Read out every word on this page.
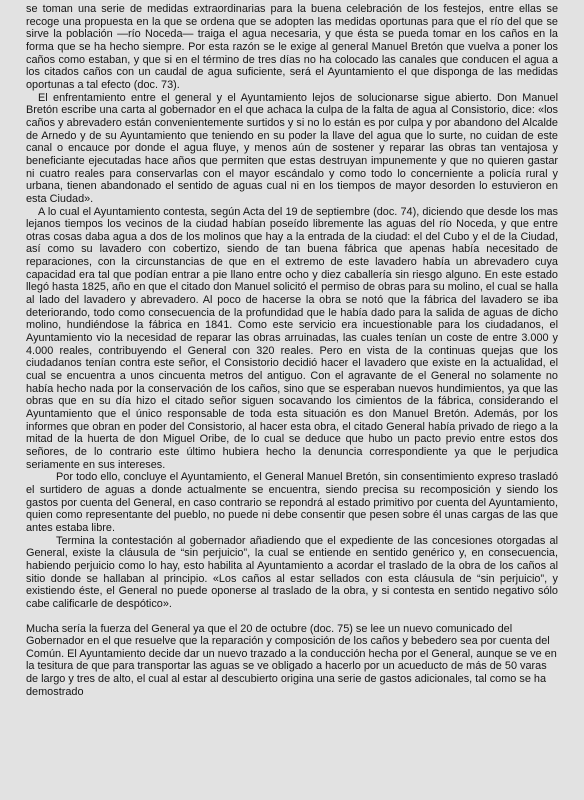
se toman una serie de medidas extraordinarias para la buena celebración de los festejos, entre ellas se recoge una propuesta en la que se ordena que se adopten las medidas oportunas para que el río del que se sirve la población —río Noceda— traiga el agua necesaria, y que ésta se pueda tomar en los caños en la forma que se ha hecho siempre. Por esta razón se le exige al general Manuel Bretón que vuelva a poner los caños como estaban, y que si en el término de tres días no ha colocado las canales que conducen el agua a los citados caños con un caudal de agua suficiente, será el Ayuntamiento el que disponga de las medidas oportunas a tal efecto (doc. 73).

El enfrentamiento entre el general y el Ayuntamiento lejos de solucionarse sigue abierto. Don Manuel Bretón escribe una carta al gobernador en el que achaca la culpa de la falta de agua al Consistorio, dice: «los caños y abrevadero están convenientemente surtidos y si no lo están es por culpa y por abandono del Alcalde de Arnedo y de su Ayuntamiento que teniendo en su poder la llave del agua que lo surte, no cuidan de este canal o encauce por donde el agua fluye, y menos aún de sostener y reparar las obras tan ventajosa y beneficiante ejecutadas hace años que permiten que estas destruyan impunemente y que no quieren gastar ni cuatro reales para conservarlas con el mayor escándalo y como todo lo concerniente a policía rural y urbana, tienen abandonado el sentido de aguas cual ni en los tiempos de mayor desorden lo estuvieron en esta Ciudad».

A lo cual el Ayuntamiento contesta, según Acta del 19 de septiembre (doc. 74), diciendo que desde los mas lejanos tiempos los vecinos de la ciudad habían poseído libremente las aguas del río Noceda, y que entre otras cosas daba agua a dos de los molinos que hay a la entrada de la ciudad: el del Cubo y el de la Ciudad, así como su lavadero con cobertizo, siendo de tan buena fábrica que apenas había necesitado de reparaciones, con la circunstancias de que en el extremo de este lavadero había un abrevadero cuya capacidad era tal que podían entrar a pie llano entre ocho y diez caballería sin riesgo alguno. En este estado llegó hasta 1825, año en que el citado don Manuel solicitó el permiso de obras para su molino, el cual se halla al lado del lavadero y abrevadero. Al poco de hacerse la obra se notó que la fábrica del lavadero se iba deteriorando, todo como consecuencia de la profundidad que le había dado para la salida de aguas de dicho molino, hundiéndose la fábrica en 1841. Como este servicio era incuestionable para los ciudadanos, el Ayuntamiento vio la necesidad de reparar las obras arruinadas, las cuales tenían un coste de entre 3.000 y 4.000 reales, contribuyendo el General con 320 reales. Pero en vista de la continuas quejas que los ciudadanos tenían contra este señor, el Consistorio decidió hacer el lavadero que existe en la actualidad, el cual se encuentra a unos cincuenta metros del antiguo. Con el agravante de el General no solamente no había hecho nada por la conservación de los caños, sino que se esperaban nuevos hundimientos, ya que las obras que en su día hizo el citado señor siguen socavando los cimientos de la fábrica, considerando el Ayuntamiento que el único responsable de toda esta situación es don Manuel Bretón. Además, por los informes que obran en poder del Consistorio, al hacer esta obra, el citado General había privado de riego a la mitad de la huerta de don Miguel Oribe, de lo cual se deduce que hubo un pacto previo entre estos dos señores, de lo contrario este último hubiera hecho la denuncia correspondiente ya que le perjudica seriamente en sus intereses.

Por todo ello, concluye el Ayuntamiento, el General Manuel Bretón, sin consentimiento expreso trasladó el surtidero de aguas a donde actualmente se encuentra, siendo precisa su recomposición y siendo los gastos por cuenta del General, en caso contrario se repondrá al estado primitivo por cuenta del Ayuntamiento, quien como representante del pueblo, no puede ni debe consentir que pesen sobre él unas cargas de las que antes estaba libre.

Termina la contestación al gobernador añadiendo que el expediente de las concesiones otorgadas al General, existe la cláusula de “sin perjuicio”, la cual se entiende en sentido genérico y, en consecuencia, habiendo perjuicio como lo hay, esto habilita al Ayuntamiento a acordar el traslado de la obra de los caños al sitio donde se hallaban al principio. «Los caños al estar sellados con esta cláusula de “sin perjuicio”, y existiendo éste, el General no puede oponerse al traslado de la obra, y si contesta en sentido negativo sólo cabe calificarle de despótico».

Mucha sería la fuerza del General ya que el 20 de octubre (doc. 75) se lee un nuevo comunicado del Gobernador en el que resuelve que la reparación y composición de los caños y bebedero sea por cuenta del Común. El Ayuntamiento decide dar un nuevo trazado a la conducción hecha por el General, aunque se ve en la tesitura de que para transportar las aguas se ve obligado a hacerlo por un acueducto de más de 50 varas de largo y tres de alto, el cual al estar al descubierto origina una serie de gastos adicionales, tal como se ha demostrado
